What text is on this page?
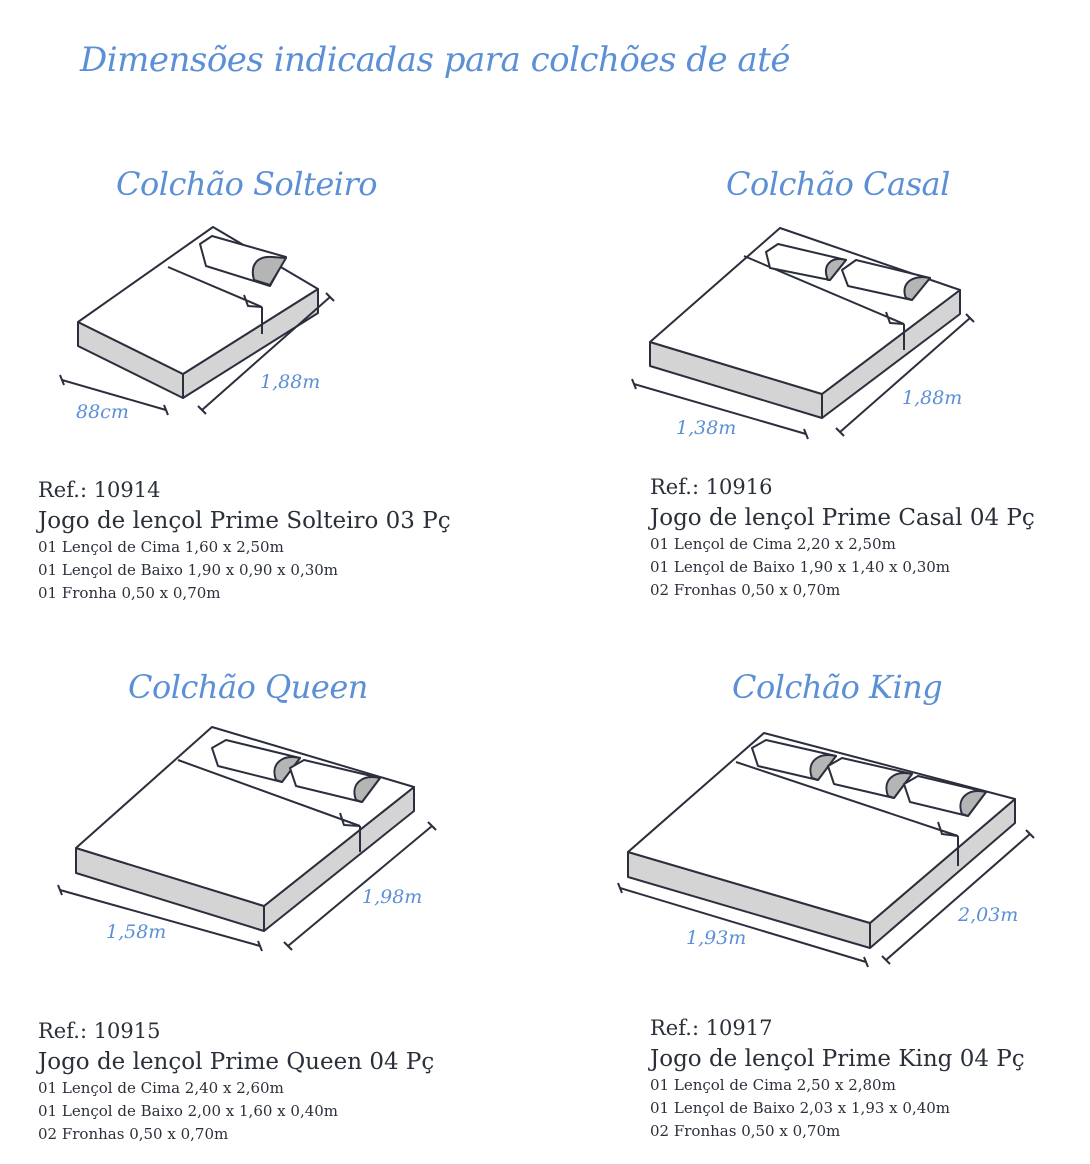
Dimensões indicadas para colchões de até
Colchão Solteiro
88cm
1,88m
Ref.: 10914
Jogo de lençol Prime Solteiro 03 Pç
01 Lençol de Cima 1,60 x 2,50m
01 Lençol de Baixo 1,90 x 0,90 x 0,30m
01 Fronha 0,50 x 0,70m
Colchão Casal
1,38m
1,88m
Ref.: 10916
Jogo de lençol Prime Casal 04 Pç
01 Lençol de Cima 2,20 x 2,50m
01 Lençol de Baixo 1,90 x 1,40 x 0,30m
02 Fronhas 0,50 x 0,70m
Colchão Queen
1,58m
1,98m
Ref.: 10915
Jogo de lençol Prime Queen 04 Pç
01 Lençol de Cima 2,40 x 2,60m
01 Lençol de Baixo 2,00 x 1,60 x 0,40m
02 Fronhas 0,50 x 0,70m
Colchão King
1,93m
2,03m
Ref.: 10917
Jogo de lençol Prime King 04 Pç
01 Lençol de Cima 2,50 x 2,80m
01 Lençol de Baixo 2,03 x 1,93 x 0,40m
02 Fronhas 0,50 x 0,70m
